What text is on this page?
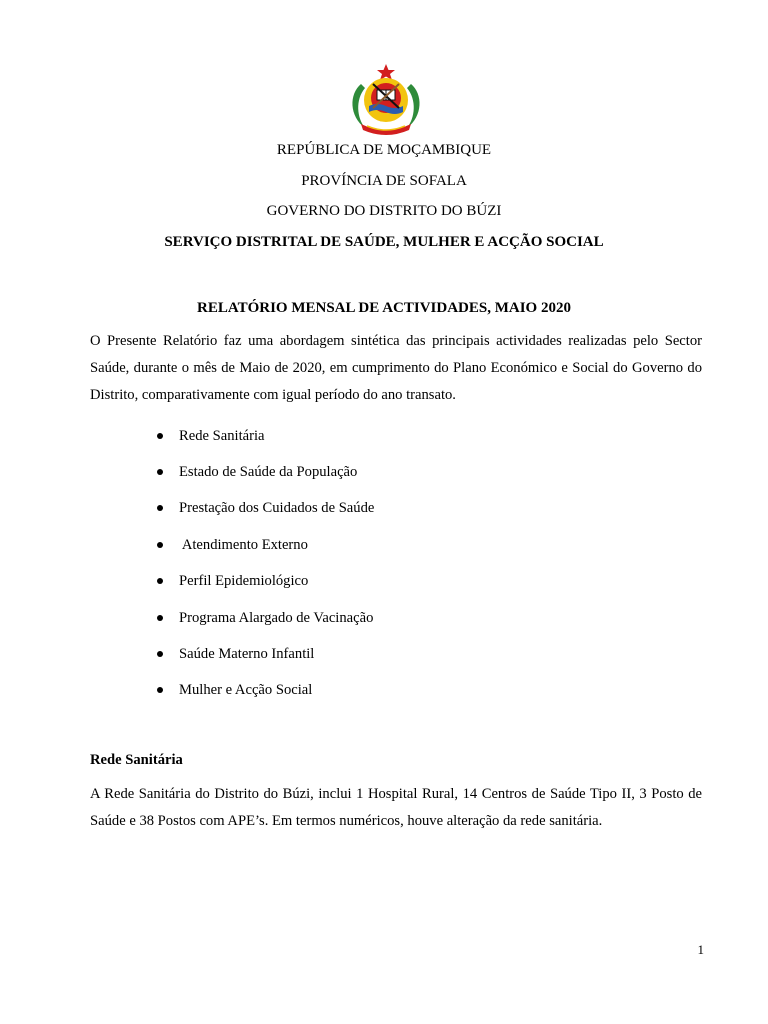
REPÚBLICA DE MOÇAMBIQUE
PROVÍNCIA DE SOFALA
GOVERNO DO DISTRITO DO BÚZI
SERVIÇO DISTRITAL DE SAÚDE, MULHER E ACÇÃO SOCIAL
RELATÓRIO MENSAL DE ACTIVIDADES, MAIO 2020

O Presente Relatório faz uma abordagem sintética das principais actividades realizadas pelo Sector Saúde, durante o mês de Maio de 2020, em cumprimento do Plano Económico e Social do Governo do Distrito, comparativamente com igual período do ano transato.

Rede Sanitária
Estado de Saúde da População
Prestação dos Cuidados de Saúde
Atendimento Externo
Perfil Epidemiológico
Programa Alargado de Vacinação
Saúde Materno Infantil
Mulher e Acção Social
Rede Sanitária

A Rede Sanitária do Distrito do Búzi, inclui 1 Hospital Rural, 14 Centros de Saúde Tipo II, 3 Posto de Saúde e 38 Postos com APE’s. Em termos numéricos, houve alteração da rede sanitária.

1
